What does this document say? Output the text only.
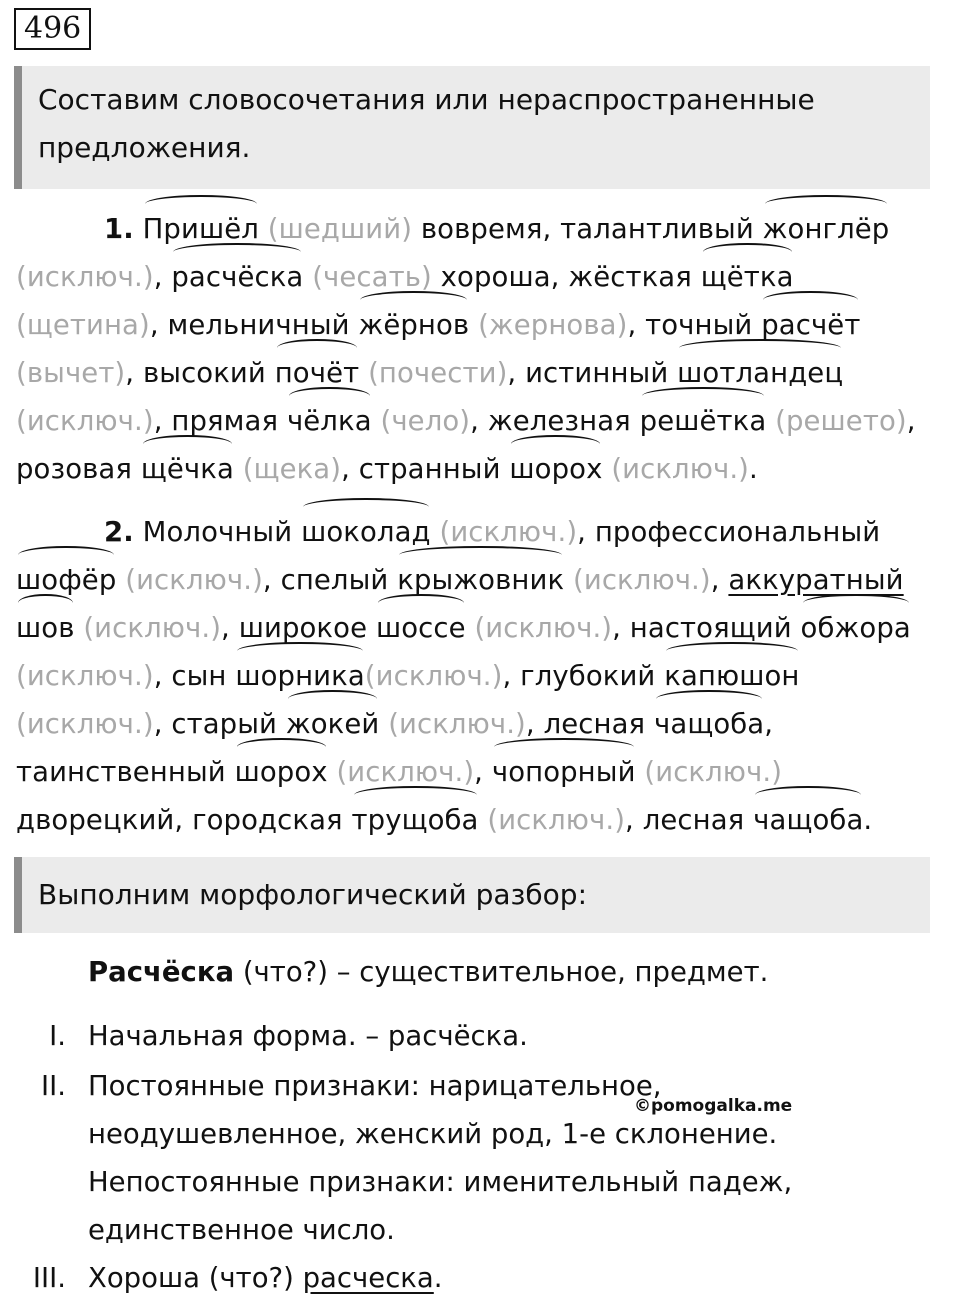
496
Составим словосочетания или нераспространенные предложения.
1. Пришёл (шедший) вовремя, талантливый жонглёр (исключ.), расчёска (чесать) хороша, жёсткая щётка (щетина), мельничный жёрнов (жернова), точный расчёт (вычет), высокий почёт (почести), истинный шотландец (исключ.), прямая чёлка (чело), железная решётка (решето), розовая щёчка (щека), странный шорох (исключ.).
2. Молочный шоколад (исключ.), профессиональный шофёр (исключ.), спелый крыжовник (исключ.), аккуратный шов (исключ.), широкое шоссе (исключ.), настоящий обжора (исключ.), сын шорника(исключ.), глубокий капюшон (исключ.), старый жокей (исключ.), лесная чащоба, таинственный шорох (исключ.), чопорный (исключ.) дворецкий, городская трущоба (исключ.), лесная чащоба.
Выполним морфологический разбор:
Расчёска (что?) – существительное, предмет.
I. Начальная форма. – расчёска.
II. Постоянные признаки: нарицательное,
неодушевленное, женский род, 1-е склонение.
Непостоянные признаки: именительный падеж,
единственное число.
III. Хороша (что?) расческа.
©pomogalka.me
